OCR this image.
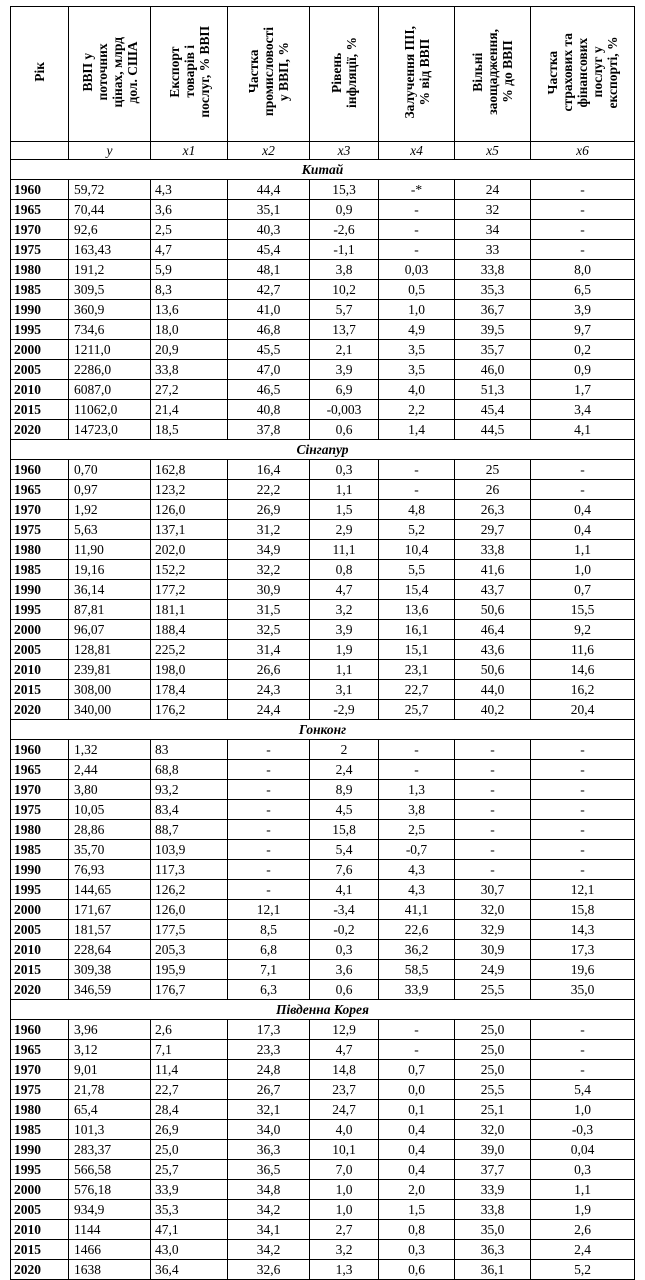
Рік	ВВП у
поточних
цінах, млрд
дол. США	Експорт
товарів і
послуг, % ВВП	Частка
промисловості
у ВВП, %	Рівень
інфляції, %	Залучення ПІІ,
% від ВВП	Вільні
заощадження,
% до ВВП	Частка
страхових та
фінансових
послуг у
експорті, %
	y	x1	x2	x3	x4	x5	x6
Китай							
1960	59,72	4,3	44,4	15,3	-*	24	-
1965	70,44	3,6	35,1	0,9	-	32	-
1970	92,6	2,5	40,3	-2,6	-	34	-
1975	163,43	4,7	45,4	-1,1	-	33	-
1980	191,2	5,9	48,1	3,8	0,03	33,8	8,0
1985	309,5	8,3	42,7	10,2	0,5	35,3	6,5
1990	360,9	13,6	41,0	5,7	1,0	36,7	3,9
1995	734,6	18,0	46,8	13,7	4,9	39,5	9,7
2000	1211,0	20,9	45,5	2,1	3,5	35,7	0,2
2005	2286,0	33,8	47,0	3,9	3,5	46,0	0,9
2010	6087,0	27,2	46,5	6,9	4,0	51,3	1,7
2015	11062,0	21,4	40,8	-0,003	2,2	45,4	3,4
2020	14723,0	18,5	37,8	0,6	1,4	44,5	4,1
Сінгапур							
1960	0,70	162,8	16,4	0,3	-	25	-
1965	0,97	123,2	22,2	1,1	-	26	-
1970	1,92	126,0	26,9	1,5	4,8	26,3	0,4
1975	5,63	137,1	31,2	2,9	5,2	29,7	0,4
1980	11,90	202,0	34,9	11,1	10,4	33,8	1,1
1985	19,16	152,2	32,2	0,8	5,5	41,6	1,0
1990	36,14	177,2	30,9	4,7	15,4	43,7	0,7
1995	87,81	181,1	31,5	3,2	13,6	50,6	15,5
2000	96,07	188,4	32,5	3,9	16,1	46,4	9,2
2005	128,81	225,2	31,4	1,9	15,1	43,6	11,6
2010	239,81	198,0	26,6	1,1	23,1	50,6	14,6
2015	308,00	178,4	24,3	3,1	22,7	44,0	16,2
2020	340,00	176,2	24,4	-2,9	25,7	40,2	20,4
Гонконг							
1960	1,32	83	-	2	-	-	-
1965	2,44	68,8	-	2,4	-	-	-
1970	3,80	93,2	-	8,9	1,3	-	-
1975	10,05	83,4	-	4,5	3,8	-	-
1980	28,86	88,7	-	15,8	2,5	-	-
1985	35,70	103,9	-	5,4	-0,7	-	-
1990	76,93	117,3	-	7,6	4,3	-	-
1995	144,65	126,2	-	4,1	4,3	30,7	12,1
2000	171,67	126,0	12,1	-3,4	41,1	32,0	15,8
2005	181,57	177,5	8,5	-0,2	22,6	32,9	14,3
2010	228,64	205,3	6,8	0,3	36,2	30,9	17,3
2015	309,38	195,9	7,1	3,6	58,5	24,9	19,6
2020	346,59	176,7	6,3	0,6	33,9	25,5	35,0
Південна Корея							
1960	3,96	2,6	17,3	12,9	-	25,0	-
1965	3,12	7,1	23,3	4,7	-	25,0	-
1970	9,01	11,4	24,8	14,8	0,7	25,0	-
1975	21,78	22,7	26,7	23,7	0,0	25,5	5,4
1980	65,4	28,4	32,1	24,7	0,1	25,1	1,0
1985	101,3	26,9	34,0	4,0	0,4	32,0	-0,3
1990	283,37	25,0	36,3	10,1	0,4	39,0	0,04
1995	566,58	25,7	36,5	7,0	0,4	37,7	0,3
2000	576,18	33,9	34,8	1,0	2,0	33,9	1,1
2005	934,9	35,3	34,2	1,0	1,5	33,8	1,9
2010	1144	47,1	34,1	2,7	0,8	35,0	2,6
2015	1466	43,0	34,2	3,2	0,3	36,3	2,4
2020	1638	36,4	32,6	1,3	0,6	36,1	5,2
